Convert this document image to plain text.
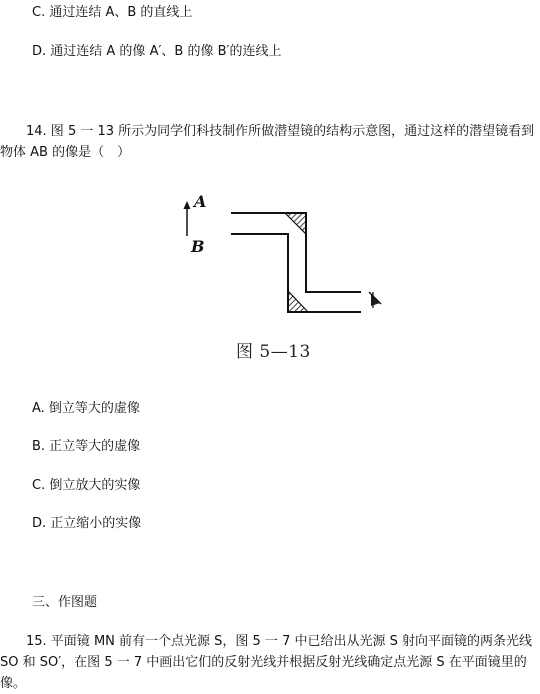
C. 通过连结 A、B 的直线上
D. 通过连结 A 的像 A′、B 的像 B′的连线上
14. 图 5 一 13 所示为同学们科技制作所做潜望镜的结构示意图，通过这样的潜望镜看到物体 AB 的像是（　）
A
B
图 5—13
A. 倒立等大的虚像
B. 正立等大的虚像
C. 倒立放大的实像
D. 正立缩小的实像
三、作图题
15. 平面镜 MN 前有一个点光源 S，图 5 一 7 中已给出从光源 S 射向平面镜的两条光线 SO 和 SO′，在图 5 一 7 中画出它们的反射光线并根据反射光线确定点光源 S 在平面镜里的像。
